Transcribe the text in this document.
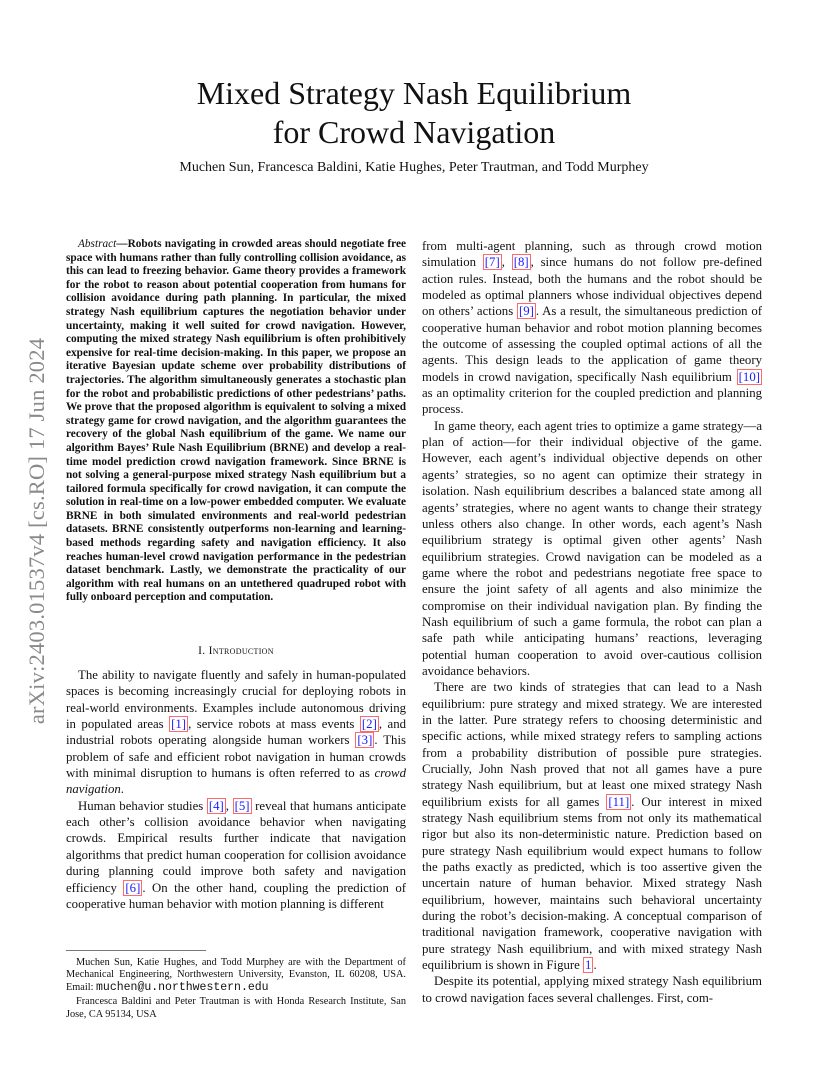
arXiv:2403.01537v4 [cs.RO] 17 Jun 2024
Mixed Strategy Nash Equilibrium
for Crowd Navigation
Muchen Sun, Francesca Baldini, Katie Hughes, Peter Trautman, and Todd Murphey

Abstract—Robots navigating in crowded areas should negotiate free space with humans rather than fully controlling collision avoidance, as this can lead to freezing behavior. Game theory provides a framework for the robot to reason about potential cooperation from humans for collision avoidance during path planning. In particular, the mixed strategy Nash equilibrium captures the negotiation behavior under uncertainty, making it well suited for crowd navigation. However, computing the mixed strategy Nash equilibrium is often prohibitively expensive for real-time decision-making. In this paper, we propose an iterative Bayesian update scheme over probability distributions of trajectories. The algorithm simultaneously generates a stochastic plan for the robot and probabilistic predictions of other pedestrians’ paths. We prove that the proposed algorithm is equivalent to solving a mixed strategy game for crowd navigation, and the algorithm guarantees the recovery of the global Nash equilibrium of the game. We name our algorithm Bayes’ Rule Nash Equilibrium (BRNE) and develop a real-time model prediction crowd navigation framework. Since BRNE is not solving a general-purpose mixed strategy Nash equilibrium but a tailored formula specifically for crowd navigation, it can compute the solution in real-time on a low-power embedded computer. We evaluate BRNE in both simulated environments and real-world pedestrian datasets. BRNE consistently outperforms non-learning and learning-based methods regarding safety and navigation efficiency. It also reaches human-level crowd navigation performance in the pedestrian dataset benchmark. Lastly, we demonstrate the practicality of our algorithm with real humans on an untethered quadruped robot with fully onboard perception and computation.

I. Introduction

The ability to navigate fluently and safely in human-populated spaces is becoming increasingly crucial for deploying robots in real-world environments. Examples include autonomous driving in populated areas [1] , service robots at mass events [2] , and industrial robots operating alongside human workers [3] . This problem of safe and efficient robot navigation in human crowds with minimal disruption to humans is often referred to as crowd navigation.

Human behavior studies [4] , [5] reveal that humans anticipate each other’s collision avoidance behavior when navigating crowds. Empirical results further indicate that navigation algorithms that predict human cooperation for collision avoidance during planning could improve both safety and navigation efficiency [6] . On the other hand, coupling the prediction of cooperative human behavior with motion planning is different

Muchen Sun, Katie Hughes, and Todd Murphey are with the Department of Mechanical Engineering, Northwestern University, Evanston, IL 60208, USA. Email: muchen@u.northwestern.edu

Francesca Baldini and Peter Trautman is with Honda Research Institute, San Jose, CA 95134, USA

from multi-agent planning, such as through crowd motion simulation [7] , [8] , since humans do not follow pre-defined action rules. Instead, both the humans and the robot should be modeled as optimal planners whose individual objectives depend on others’ actions [9] . As a result, the simultaneous prediction of cooperative human behavior and robot motion planning becomes the outcome of assessing the coupled optimal actions of all the agents. This design leads to the application of game theory models in crowd navigation, specifically Nash equilibrium [10] as an optimality criterion for the coupled prediction and planning process.

In game theory, each agent tries to optimize a game strategy—a plan of action—for their individual objective of the game. However, each agent’s individual objective depends on other agents’ strategies, so no agent can optimize their strategy in isolation. Nash equilibrium describes a balanced state among all agents’ strategies, where no agent wants to change their strategy unless others also change. In other words, each agent’s Nash equilibrium strategy is optimal given other agents’ Nash equilibrium strategies. Crowd navigation can be modeled as a game where the robot and pedestrians negotiate free space to ensure the joint safety of all agents and also minimize the compromise on their individual navigation plan. By finding the Nash equilibrium of such a game formula, the robot can plan a safe path while anticipating humans’ reactions, leveraging potential human cooperation to avoid over-cautious collision avoidance behaviors.

There are two kinds of strategies that can lead to a Nash equilibrium: pure strategy and mixed strategy. We are interested in the latter. Pure strategy refers to choosing deterministic and specific actions, while mixed strategy refers to sampling actions from a probability distribution of possible pure strategies. Crucially, John Nash proved that not all games have a pure strategy Nash equilibrium, but at least one mixed strategy Nash equilibrium exists for all games [11] . Our interest in mixed strategy Nash equilibrium stems from not only its mathematical rigor but also its non-deterministic nature. Prediction based on pure strategy Nash equilibrium would expect humans to follow the paths exactly as predicted, which is too assertive given the uncertain nature of human behavior. Mixed strategy Nash equilibrium, however, maintains such behavioral uncertainty during the robot’s decision-making. A conceptual comparison of traditional navigation framework, cooperative navigation with pure strategy Nash equilibrium, and with mixed strategy Nash equilibrium is shown in Figure 1 .

Despite its potential, applying mixed strategy Nash equilibrium to crowd navigation faces several challenges. First, com-
